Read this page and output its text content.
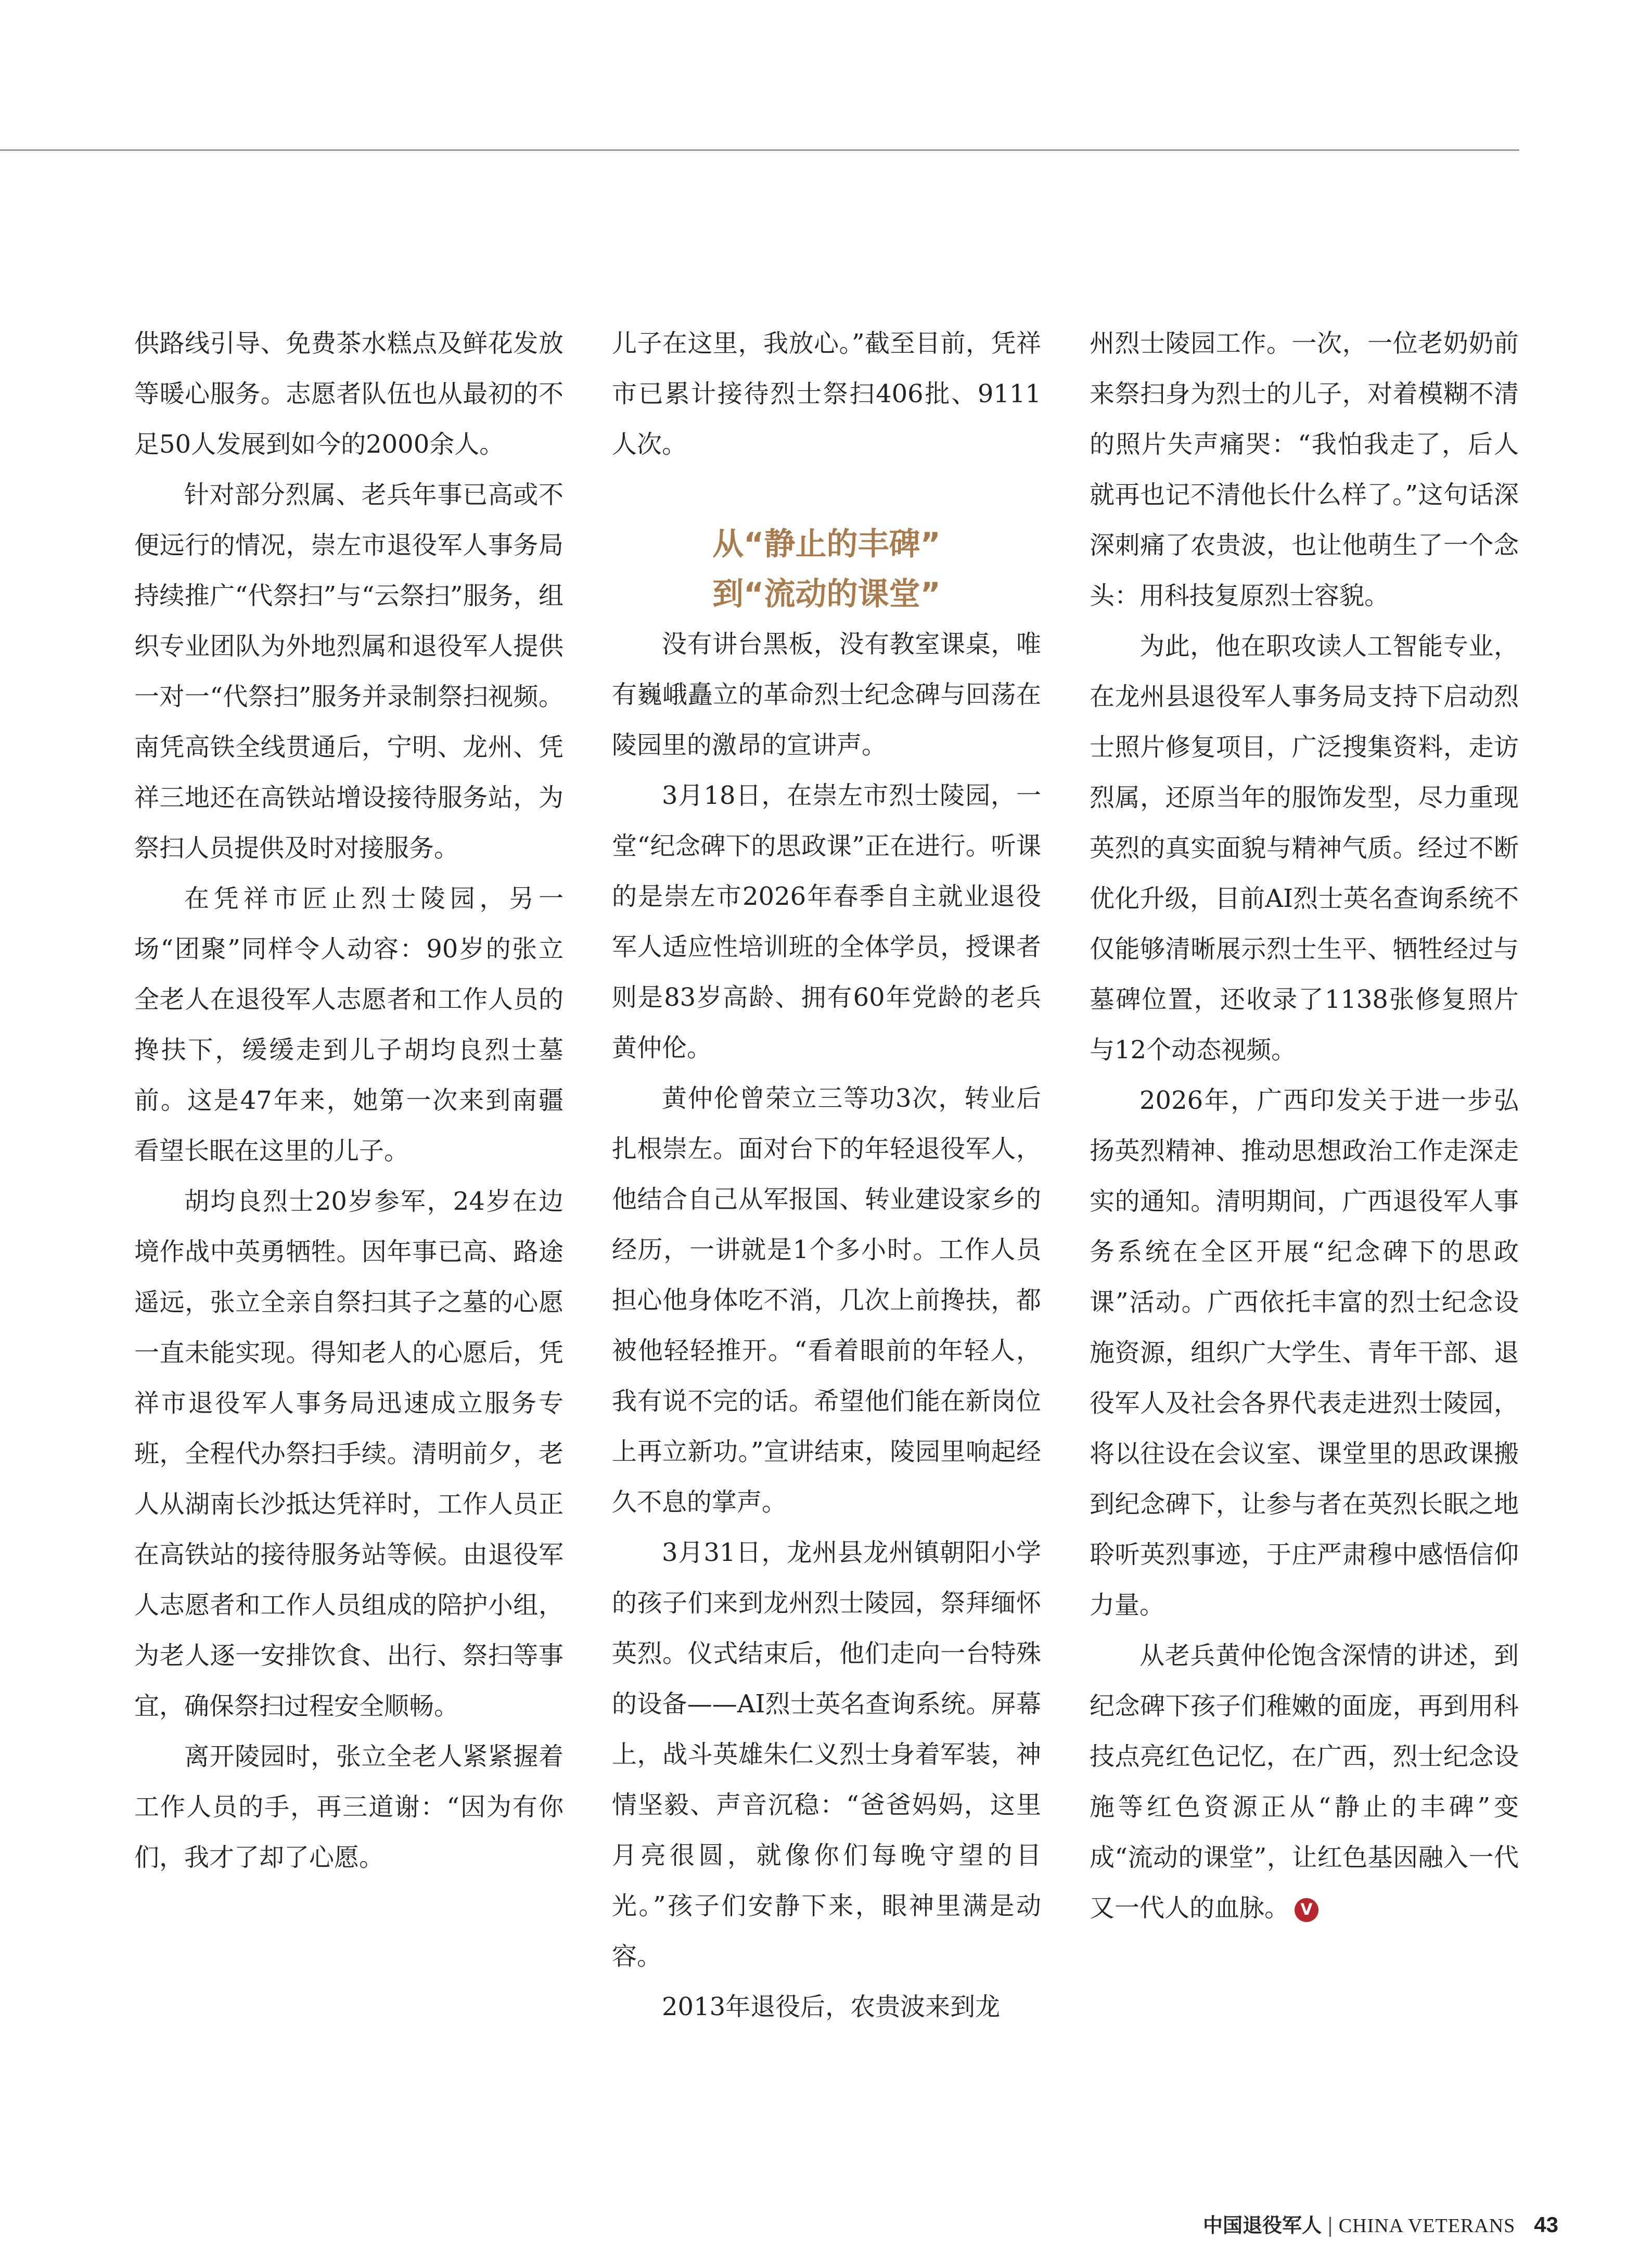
供路线引导、免费茶水糕点及鲜花发放等暖心服务。志愿者队伍也从最初的不足50人发展到如今的2000余人。

针对部分烈属、老兵年事已高或不便远行的情况，崇左市退役军人事务局持续推广“代祭扫”与“云祭扫”服务，组织专业团队为外地烈属和退役军人提供一对一“代祭扫”服务并录制祭扫视频。南凭高铁全线贯通后，宁明、龙州、凭祥三地还在高铁站增设接待服务站，为祭扫人员提供及时对接服务。

在凭祥市匠止烈士陵园，另一场“团聚”同样令人动容：90岁的张立全老人在退役军人志愿者和工作人员的搀扶下，缓缓走到儿子胡均良烈士墓前。这是47年来，她第一次来到南疆看望长眠在这里的儿子。

胡均良烈士20岁参军，24岁在边境作战中英勇牺牲。因年事已高、路途遥远，张立全亲自祭扫其子之墓的心愿一直未能实现。得知老人的心愿后，凭祥市退役军人事务局迅速成立服务专班，全程代办祭扫手续。清明前夕，老人从湖南长沙抵达凭祥时，工作人员正在高铁站的接待服务站等候。由退役军人志愿者和工作人员组成的陪护小组，为老人逐一安排饮食、出行、祭扫等事宜，确保祭扫过程安全顺畅。

离开陵园时，张立全老人紧紧握着工作人员的手，再三道谢：“因为有你们，我才了却了心愿。

儿子在这里，我放心。”截至目前，凭祥市已累计接待烈士祭扫406批、9111人次。

从“静止的丰碑”
到“流动的课堂”

没有讲台黑板，没有教室课桌，唯有巍峨矗立的革命烈士纪念碑与回荡在陵园里的激昂的宣讲声。

3月18日，在崇左市烈士陵园，一堂“纪念碑下的思政课”正在进行。听课的是崇左市2026年春季自主就业退役军人适应性培训班的全体学员，授课者则是83岁高龄、拥有60年党龄的老兵黄仲伦。

黄仲伦曾荣立三等功3次，转业后扎根崇左。面对台下的年轻退役军人，他结合自己从军报国、转业建设家乡的经历，一讲就是1个多小时。工作人员担心他身体吃不消，几次上前搀扶，都被他轻轻推开。“看着眼前的年轻人，我有说不完的话。希望他们能在新岗位上再立新功。”宣讲结束，陵园里响起经久不息的掌声。

3月31日，龙州县龙州镇朝阳小学的孩子们来到龙州烈士陵园，祭拜缅怀英烈。仪式结束后，他们走向一台特殊的设备——AI烈士英名查询系统。屏幕上，战斗英雄朱仁义烈士身着军装，神情坚毅、声音沉稳：“爸爸妈妈，这里月亮很圆，就像你们每晚守望的目光。”孩子们安静下来，眼神里满是动容。

2013年退役后，农贵波来到龙

州烈士陵园工作。一次，一位老奶奶前来祭扫身为烈士的儿子，对着模糊不清的照片失声痛哭：“我怕我走了，后人就再也记不清他长什么样了。”这句话深深刺痛了农贵波，也让他萌生了一个念头：用科技复原烈士容貌。

为此，他在职攻读人工智能专业，在龙州县退役军人事务局支持下启动烈士照片修复项目，广泛搜集资料，走访烈属，还原当年的服饰发型，尽力重现英烈的真实面貌与精神气质。经过不断优化升级，目前AI烈士英名查询系统不仅能够清晰展示烈士生平、牺牲经过与墓碑位置，还收录了1138张修复照片与12个动态视频。

2026年，广西印发关于进一步弘扬英烈精神、推动思想政治工作走深走实的通知。清明期间，广西退役军人事务系统在全区开展“纪念碑下的思政课”活动。广西依托丰富的烈士纪念设施资源，组织广大学生、青年干部、退役军人及社会各界代表走进烈士陵园，将以往设在会议室、课堂里的思政课搬到纪念碑下，让参与者在英烈长眠之地聆听英烈事迹，于庄严肃穆中感悟信仰力量。

从老兵黄仲伦饱含深情的讲述，到纪念碑下孩子们稚嫩的面庞，再到用科技点亮红色记忆，在广西，烈士纪念设施等红色资源正从“静止的丰碑”变成“流动的课堂”，让红色基因融入一代又一代人的血脉。 V

中国退役军人 | CHINA VETERANS 43
